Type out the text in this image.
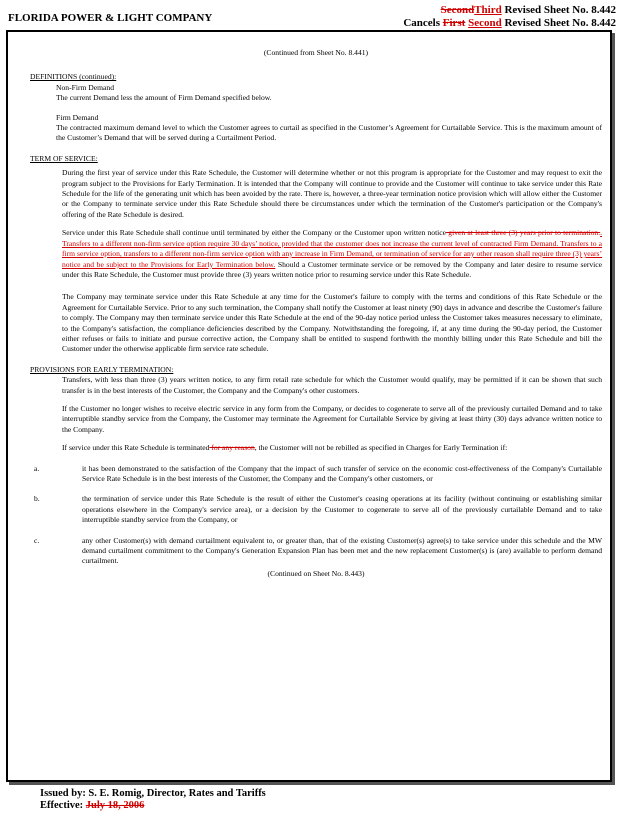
FLORIDA POWER & LIGHT COMPANY
SecondThird Revised Sheet No. 8.442
Cancels First Second Revised Sheet No. 8.442
(Continued from Sheet No. 8.441)
DEFINITIONS (continued):
Non-Firm Demand
The current Demand less the amount of Firm Demand specified below.
Firm Demand
The contracted maximum demand level to which the Customer agrees to curtail as specified in the Customer’s Agreement for Curtailable Service. This is the maximum amount of the Customer’s Demand that will be served during a Curtailment Period.
TERM OF SERVICE:
During the first year of service under this Rate Schedule, the Customer will determine whether or not this program is appropriate for the Customer and may request to exit the program subject to the Provisions for Early Termination. It is intended that the Company will continue to provide and the Customer will continue to take service under this Rate Schedule for the life of the generating unit which has been avoided by the rate. There is, however, a three-year termination notice provision which will allow either the Customer or the Company to terminate service under this Rate Schedule should there be circumstances under which the termination of the Customer's participation or the Company's offering of the Rate Schedule is desired.
Service under this Rate Schedule shall continue until terminated by either the Company or the Customer upon written notice given at least three (3) years prior to termination.. Transfers to a different non-firm service option require 30 days’ notice, provided that the customer does not increase the current level of contracted Firm Demand. Transfers to a firm service option, transfers to a different non-firm service option with any increase in Firm Demand, or termination of service for any other reason shall require three (3) years’ notice and be subject to the Provisions for Early Termination below. Should a Customer terminate service or be removed by the Company and later desire to resume service under this Rate Schedule, the Customer must provide three (3) years written notice prior to resuming service under this Rate Schedule.
The Company may terminate service under this Rate Schedule at any time for the Customer's failure to comply with the terms and conditions of this Rate Schedule or the Agreement for Curtailable Service. Prior to any such termination, the Company shall notify the Customer at least ninety (90) days in advance and describe the Customer's failure to comply. The Company may then terminate service under this Rate Schedule at the end of the 90-day notice period unless the Customer takes measures necessary to eliminate, to the Company's satisfaction, the compliance deficiencies described by the Company. Notwithstanding the foregoing, if, at any time during the 90-day period, the Customer either refuses or fails to initiate and pursue corrective action, the Company shall be entitled to suspend forthwith the monthly billing under this Rate Schedule and bill the Customer under the otherwise applicable firm service rate schedule.
PROVISIONS FOR EARLY TERMINATION:
Transfers, with less than three (3) years written notice, to any firm retail rate schedule for which the Customer would qualify, may be permitted if it can be shown that such transfer is in the best interests of the Customer, the Company and the Company's other customers.
If the Customer no longer wishes to receive electric service in any form from the Company, or decides to cogenerate to serve all of the previously curtailed Demand and to take interruptible standby service from the Company, the Customer may terminate the Agreement for Curtailable Service by giving at least thirty (30) days advance written notice to the Company.
If service under this Rate Schedule is terminated for any reason, the Customer will not be rebilled as specified in Charges for Early Termination if:
a.	it has been demonstrated to the satisfaction of the Company that the impact of such transfer of service on the economic cost-effectiveness of the Company's Curtailable Service Rate Schedule is in the best interests of the Customer, the Company and the Company's other customers, or
b.	the termination of service under this Rate Schedule is the result of either the Customer's ceasing operations at its facility (without continuing or establishing similar operations elsewhere in the Company's service area), or a decision by the Customer to cogenerate to serve all of the previously curtailable Demand and to take interruptible standby service from the Company, or
c.	any other Customer(s) with demand curtailment equivalent to, or greater than, that of the existing Customer(s) agree(s) to take service under this schedule and the MW demand curtailment commitment to the Company's Generation Expansion Plan has been met and the new replacement Customer(s) is (are) available to perform demand curtailment.
(Continued on Sheet No. 8.443)
Issued by: S. E. Romig, Director, Rates and Tariffs
Effective: July 18, 2006
